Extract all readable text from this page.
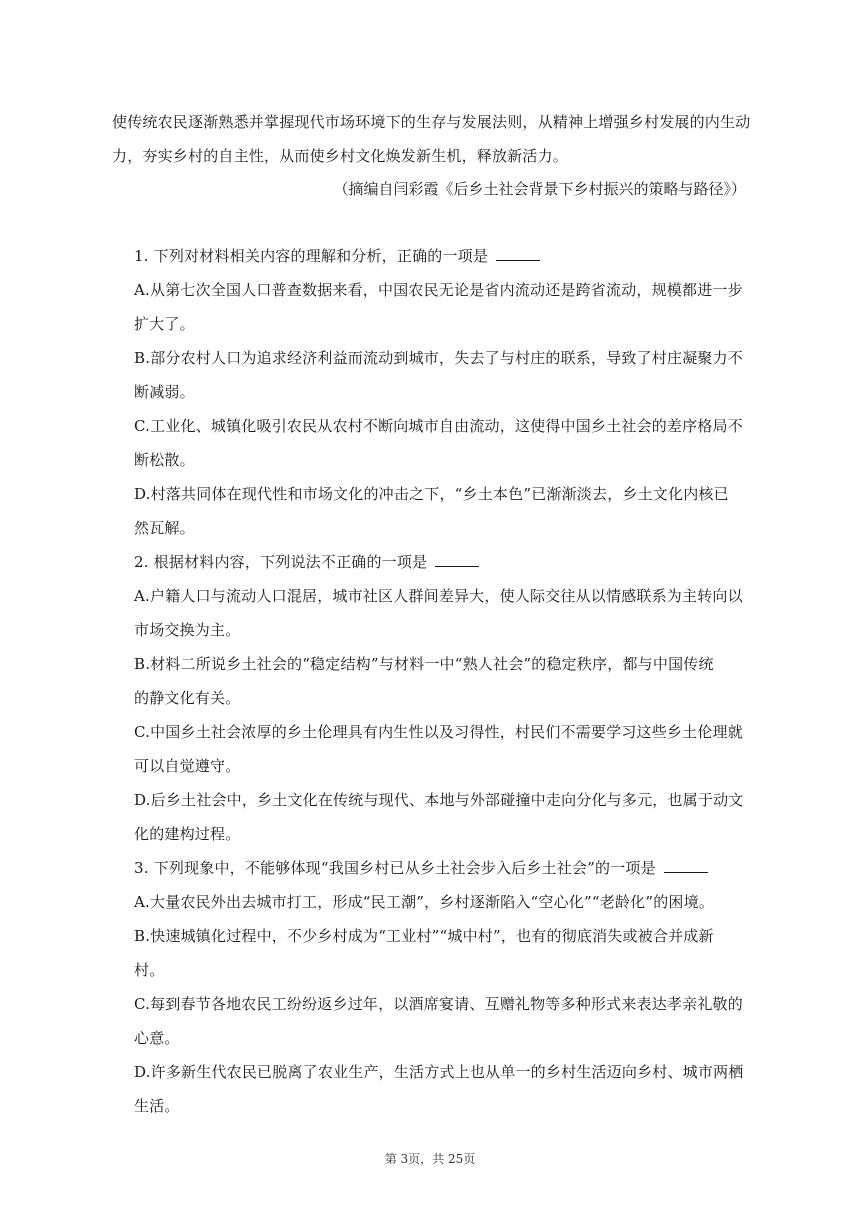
使传统农民逐渐熟悉并掌握现代市场环境下的生存与发展法则，从精神上增强乡村发展的内生动
力，夯实乡村的自主性，从而使乡村文化焕发新生机，释放新活力。
（摘编自闫彩霞《后乡土社会背景下乡村振兴的策略与路径》）
1. 下列对材料相关内容的理解和分析，正确的一项是
A.从第七次全国人口普查数据来看，中国农民无论是省内流动还是跨省流动，规模都进一步
扩大了。
B.部分农村人口为追求经济利益而流动到城市，失去了与村庄的联系，导致了村庄凝聚力不
断减弱。
C.工业化、城镇化吸引农民从农村不断向城市自由流动，这使得中国乡土社会的差序格局不
断松散。
D.村落共同体在现代性和市场文化的冲击之下，“乡土本色”已渐渐淡去，乡土文化内核已
然瓦解。
2. 根据材料内容，下列说法不正确的一项是
A.户籍人口与流动人口混居，城市社区人群间差异大，使人际交往从以情感联系为主转向以
市场交换为主。
B.材料二所说乡土社会的“稳定结构”与材料一中“熟人社会”的稳定秩序，都与中国传统
的静文化有关。
C.中国乡土社会浓厚的乡土伦理具有内生性以及习得性，村民们不需要学习这些乡土伦理就
可以自觉遵守。
D.后乡土社会中，乡土文化在传统与现代、本地与外部碰撞中走向分化与多元，也属于动文
化的建构过程。
3. 下列现象中，不能够体现“我国乡村已从乡土社会步入后乡土社会”的一项是
A.大量农民外出去城市打工，形成“民工潮”，乡村逐渐陷入“空心化”“老龄化”的困境。
B.快速城镇化过程中，不少乡村成为“工业村”“城中村”，也有的彻底消失或被合并成新
村。
C.每到春节各地农民工纷纷返乡过年，以酒席宴请、互赠礼物等多种形式来表达孝亲礼敬的
心意。
D.许多新生代农民已脱离了农业生产，生活方式上也从单一的乡村生活迈向乡村、城市两栖
生活。
第 3页，共 25页
